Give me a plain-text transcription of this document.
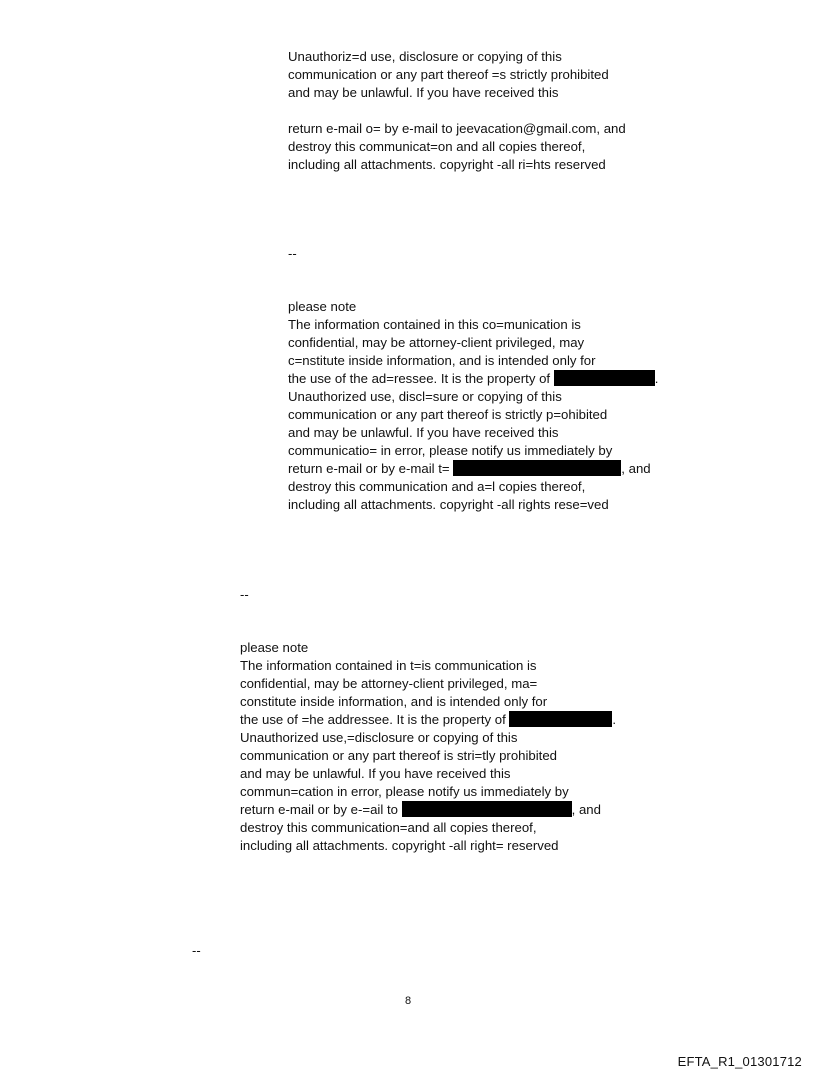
Unauthoriz=d use, disclosure or copying of this
communication or any part thereof =s strictly prohibited
and may be unlawful. If you have received this
return e-mail o= by e-mail to jeevacation@gmail.com, and
destroy this communicat=on and all copies thereof,
including all attachments. copyright -all ri=hts reserved
--
please note
The information contained in this co=munication is
confidential, may be attorney-client privileged, may
c=nstitute inside information, and is intended only for
the use of the ad=ressee. It is the property of	.
Unauthorized use, discl=sure or copying of this
communication or any part thereof is strictly p=ohibited
and may be unlawful. If you have received this
communicatio= in error, please notify us immediately by
return e-mail or by e-mail t=	, and
destroy this communication and a=l copies thereof,
including all attachments. copyright -all rights rese=ved
--
please note
The information contained in t=is communication is
confidential, may be attorney-client privileged, ma=
constitute inside information, and is intended only for
the use of =he addressee. It is the property of	.
Unauthorized use,=disclosure or copying of this
communication or any part thereof is stri=tly prohibited
and may be unlawful. If you have received this
commun=cation in error, please notify us immediately by
return e-mail or by e-=ail to	, and
destroy this communication=and all copies thereof,
including all attachments. copyright -all right= reserved
--
8
EFTA_R1_01301712
